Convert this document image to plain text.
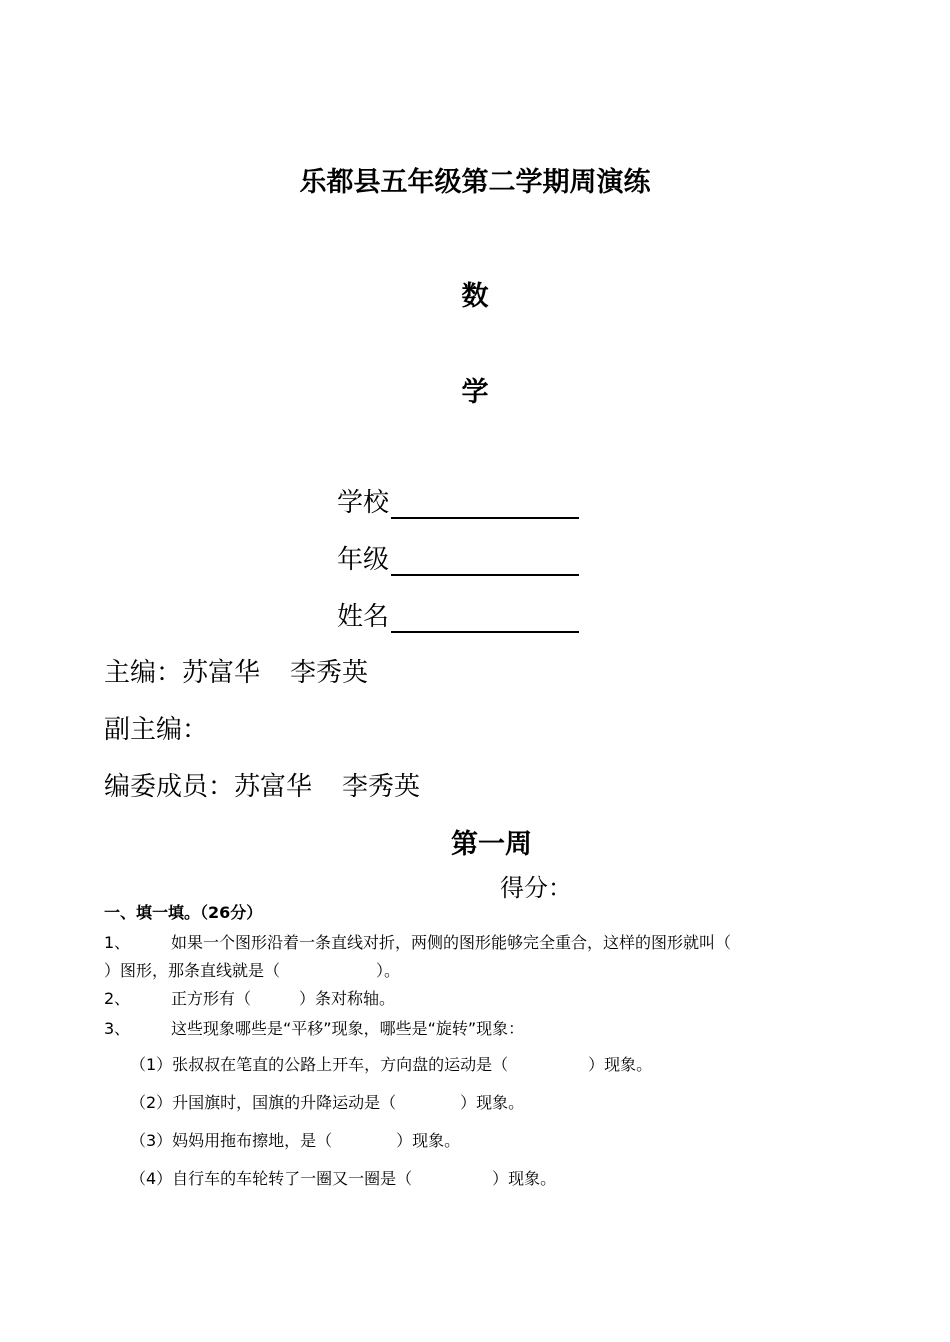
乐都县五年级第二学期周演练
数
学
学校
年级
姓名
主编：苏富华 李秀英
副主编：
编委成员：苏富华 李秀英
第一周
得分：
一、填一填。（26分）
1、	如果一个图形沿着一条直线对折，两侧的图形能够完全重合，这样的图形就叫（
）图形，那条直线就是（　　　　　　）。
2、	正方形有（　　　）条对称轴。
3、	这些现象哪些是“平移”现象，哪些是“旋转”现象：
（1）张叔叔在笔直的公路上开车，方向盘的运动是（　　　　　）现象。
（2）升国旗时，国旗的升降运动是（　　　　）现象。
（3）妈妈用拖布擦地，是（　　　　）现象。
（4）自行车的车轮转了一圈又一圈是（　　　　　）现象。
